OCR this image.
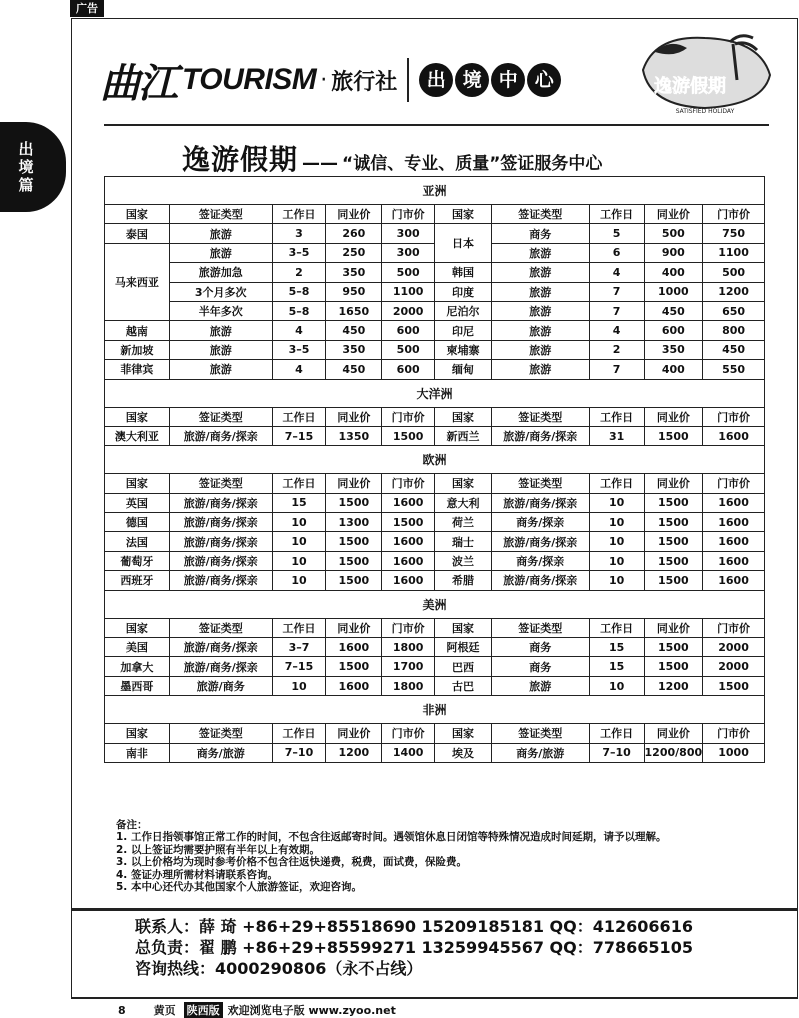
广告
出
境
篇
曲江 TOURISM · 旅行社	出 境 中 心	逸游假期
SATISFIED HOLIDAY
逸游假期 —— “诚信、专业、质量”签证服务中心
亚洲									
国家	签证类型	工作日	同业价	门市价	国家	签证类型	工作日	同业价	门市价
泰国	旅游	3	260	300	日本	商务	5	500	750
马来西亚	旅游	3–5	250	300		旅游	6	900	1100
	旅游加急	2	350	500	韩国	旅游	4	400	500
	3个月多次	5–8	950	1100	印度	旅游	7	1000	1200
	半年多次	5–8	1650	2000	尼泊尔	旅游	7	450	650
越南	旅游	4	450	600	印尼	旅游	4	600	800
新加坡	旅游	3–5	350	500	柬埔寨	旅游	2	350	450
菲律宾	旅游	4	450	600	缅甸	旅游	7	400	550
大洋洲									
国家	签证类型	工作日	同业价	门市价	国家	签证类型	工作日	同业价	门市价
澳大利亚	旅游/商务/探亲	7–15	1350	1500	新西兰	旅游/商务/探亲	31	1500	1600
欧洲									
国家	签证类型	工作日	同业价	门市价	国家	签证类型	工作日	同业价	门市价
英国	旅游/商务/探亲	15	1500	1600	意大利	旅游/商务/探亲	10	1500	1600
德国	旅游/商务/探亲	10	1300	1500	荷兰	商务/探亲	10	1500	1600
法国	旅游/商务/探亲	10	1500	1600	瑞士	旅游/商务/探亲	10	1500	1600
葡萄牙	旅游/商务/探亲	10	1500	1600	波兰	商务/探亲	10	1500	1600
西班牙	旅游/商务/探亲	10	1500	1600	希腊	旅游/商务/探亲	10	1500	1600
美洲									
国家	签证类型	工作日	同业价	门市价	国家	签证类型	工作日	同业价	门市价
美国	旅游/商务/探亲	3–7	1600	1800	阿根廷	商务	15	1500	2000
加拿大	旅游/商务/探亲	7–15	1500	1700	巴西	商务	15	1500	2000
墨西哥	旅游/商务	10	1600	1800	古巴	旅游	10	1200	1500
非洲									
国家	签证类型	工作日	同业价	门市价	国家	签证类型	工作日	同业价	门市价
南非	商务/旅游	7–10	1200	1400	埃及	商务/旅游	7–10	1200/800	1000
备注：
1. 工作日指领事馆正常工作的时间，不包含往返邮寄时间。遇领馆休息日闭馆等特殊情况造成时间延期，请予以理解。
2. 以上签证均需要护照有半年以上有效期。
3. 以上价格均为现时参考价格不包含往返快递费，税费，面试费，保险费。
4. 签证办理所需材料请联系咨询。
5. 本中心还代办其他国家个人旅游签证，欢迎咨询。
联系人：薛 琦 +86+29+85518690 15209185181 QQ：412606616
总负责：翟 鹏 +86+29+85599271 13259945567 QQ：778665105
咨询热线：4000290806（永不占线）
8	黄页 陕西版 欢迎浏览电子版 www.zyoo.net
